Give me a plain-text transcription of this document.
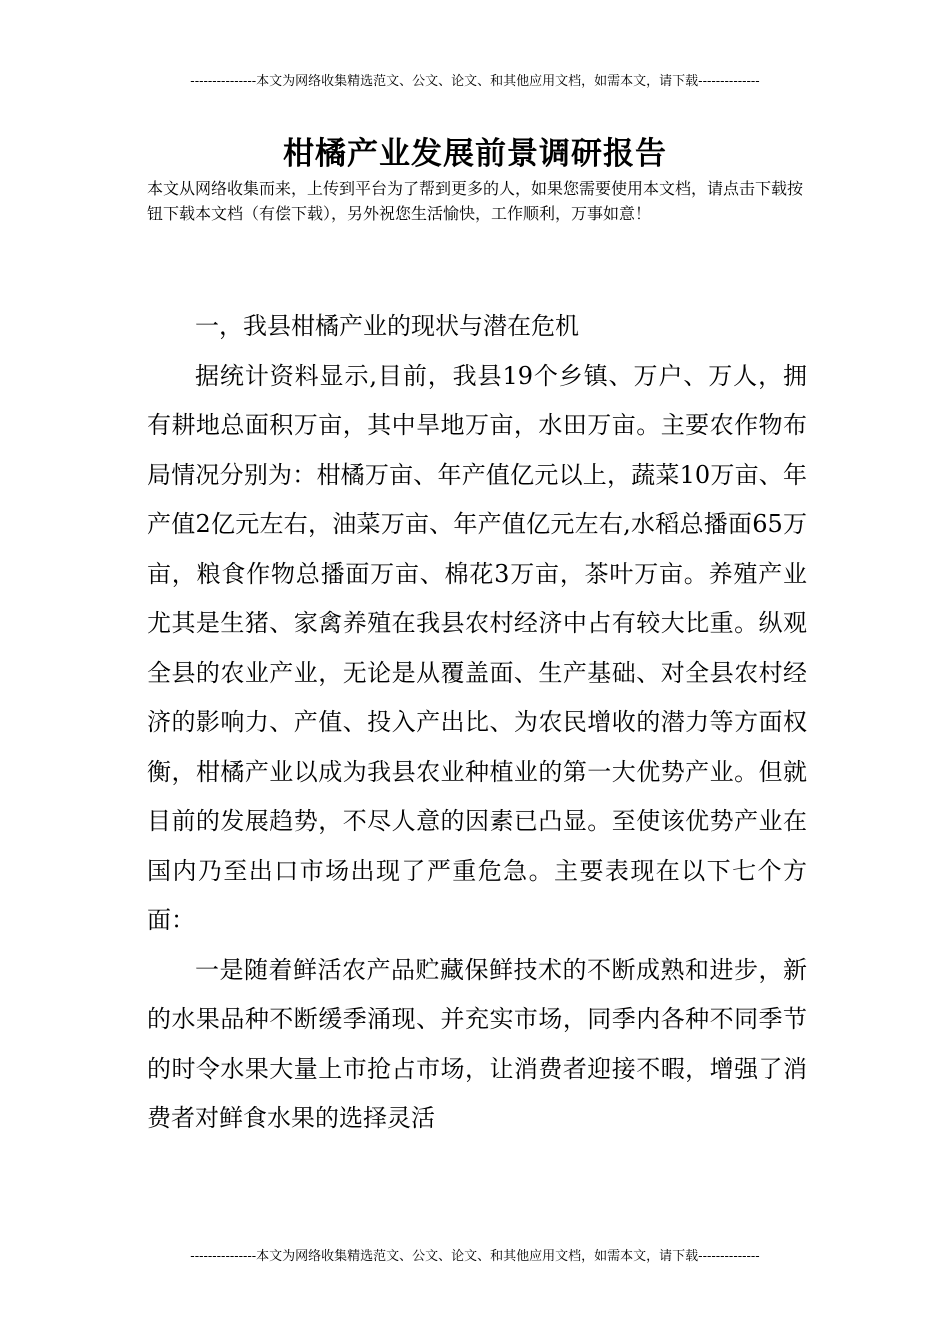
---------------本文为网络收集精选范文、公文、论文、和其他应用文档，如需本文，请下载--------------
柑橘产业发展前景调研报告

本文从网络收集而来，上传到平台为了帮到更多的人，如果您需要使用本文档，请点击下载按钮下载本文档（有偿下载），另外祝您生活愉快，工作顺利，万事如意！

一，我县柑橘产业的现状与潜在危机

据统计资料显示,目前，我县19个乡镇、万户、万人，拥有耕地总面积万亩，其中旱地万亩，水田万亩。主要农作物布局情况分别为：柑橘万亩、年产值亿元以上，蔬菜10万亩、年产值2亿元左右，油菜万亩、年产值亿元左右,水稻总播面65万亩，粮食作物总播面万亩、棉花3万亩，茶叶万亩。养殖产业尤其是生猪、家禽养殖在我县农村经济中占有较大比重。纵观全县的农业产业，无论是从覆盖面、生产基础、对全县农村经济的影响力、产值、投入产出比、为农民增收的潜力等方面权衡，柑橘产业以成为我县农业种植业的第一大优势产业。但就目前的发展趋势，不尽人意的因素已凸显。至使该优势产业在国内乃至出口市场出现了严重危急。主要表现在以下七个方面：

一是随着鲜活农产品贮藏保鲜技术的不断成熟和进步，新的水果品种不断缓季涌现、并充实市场，同季内各种不同季节的时令水果大量上市抢占市场，让消费者迎接不暇，增强了消费者对鲜食水果的选择灵活

---------------本文为网络收集精选范文、公文、论文、和其他应用文档，如需本文，请下载--------------
